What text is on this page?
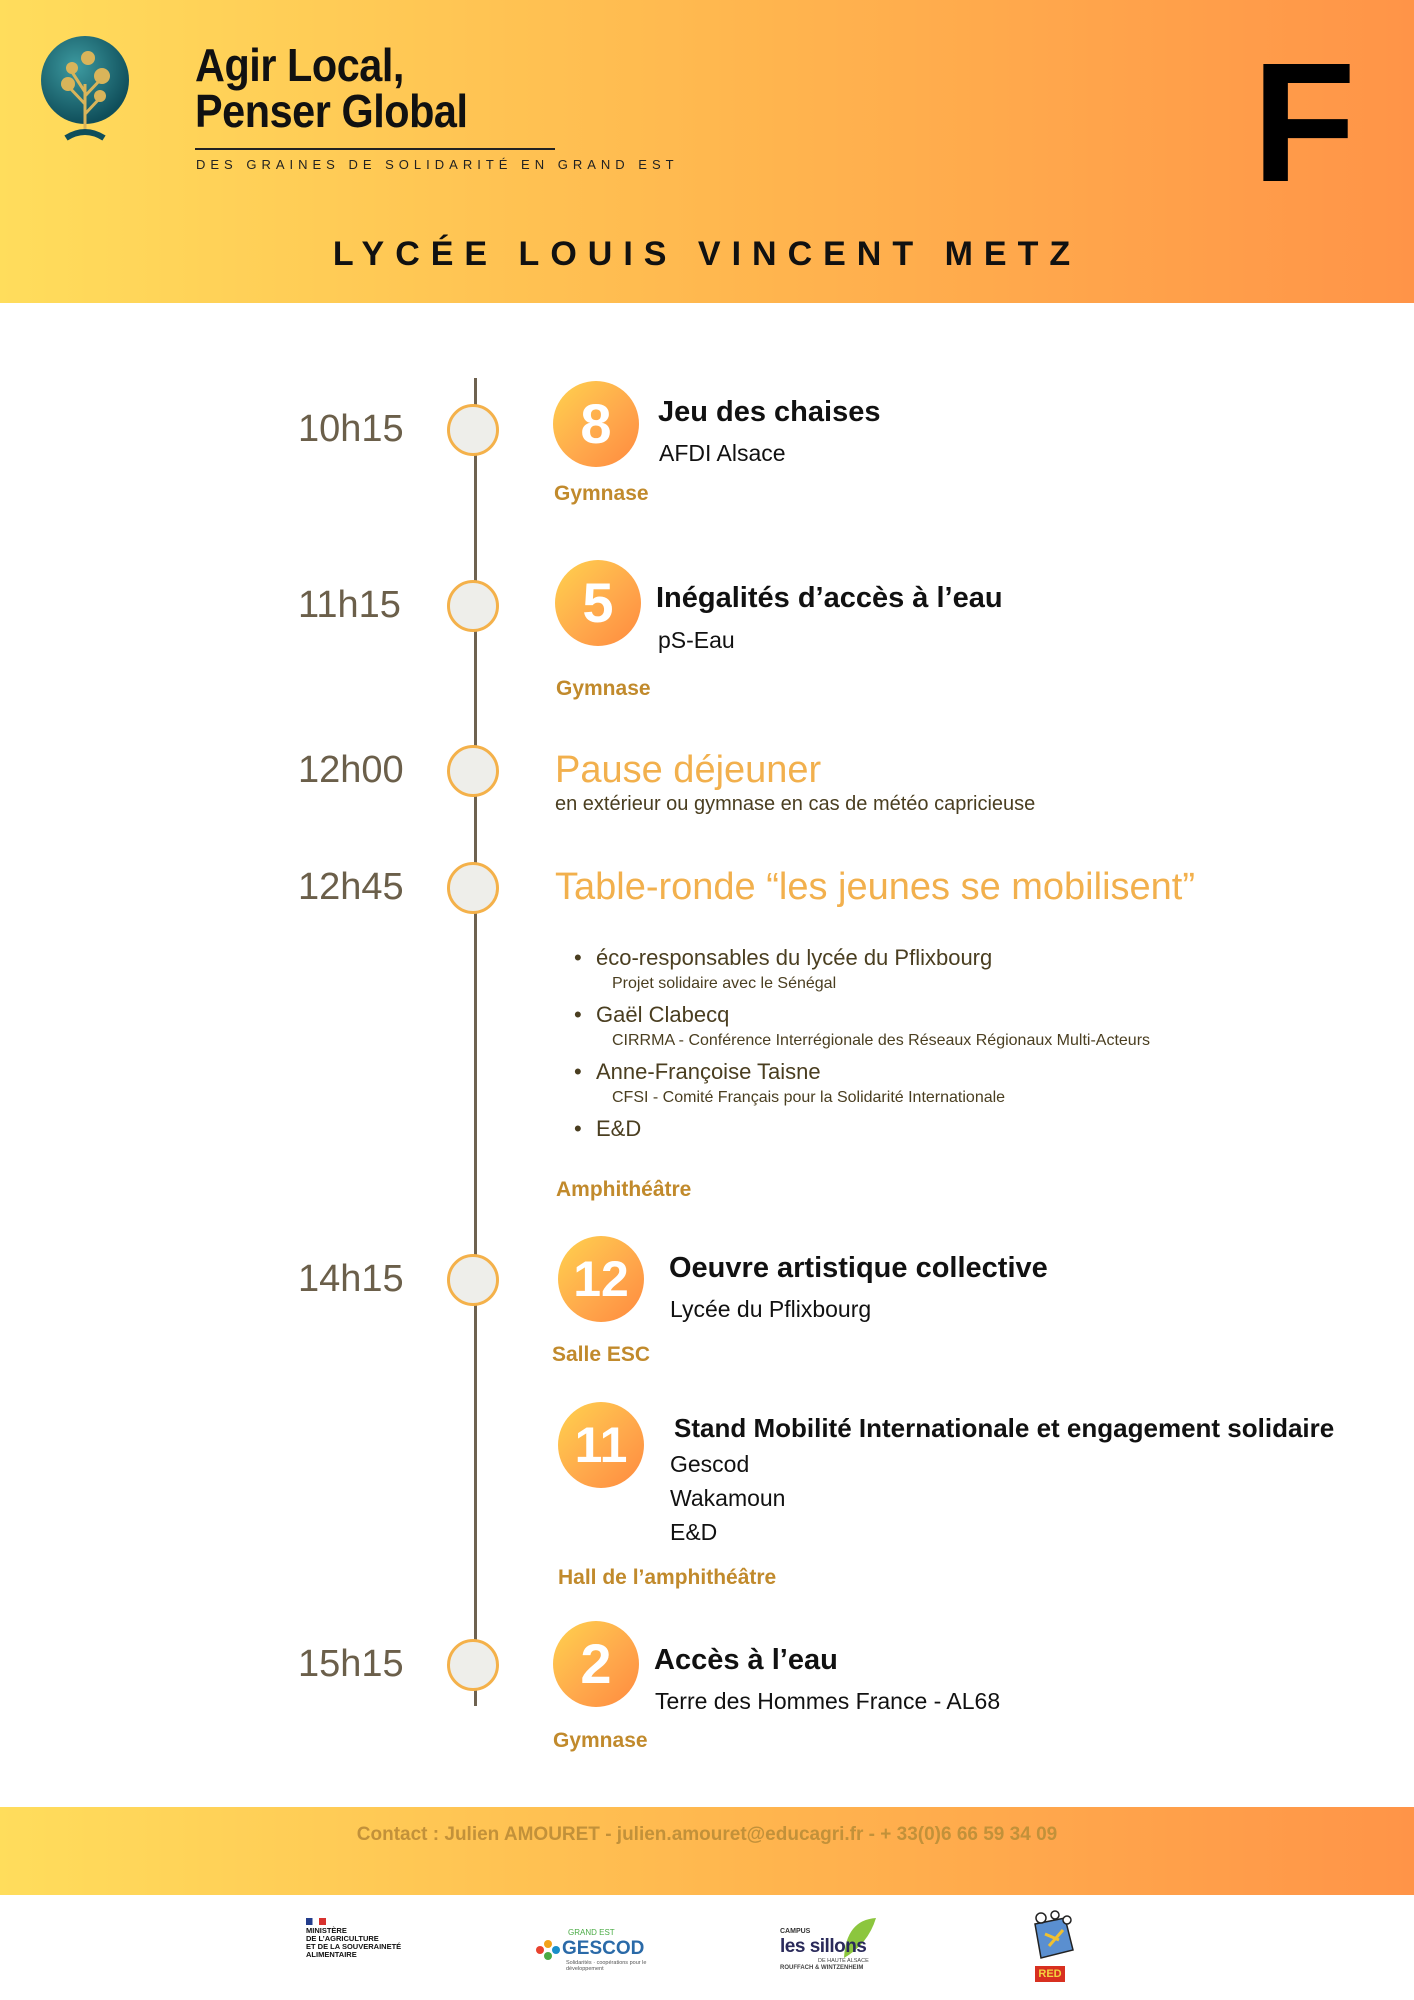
Agir Local,
Penser Global
DES GRAINES DE SOLIDARITÉ EN GRAND EST	F
LYCÉE LOUIS VINCENT METZ
10h15	8	Jeu des chaises
AFDI Alsace
Gymnase
11h15	5	Inégalités d’accès à l’eau
pS-Eau
Gymnase
12h00	Pause déjeuner
en extérieur ou gymnase en cas de météo capricieuse
12h45	Table-ronde “les jeunes se mobilisent”
• éco-responsables du lycée du Pflixbourg
Projet solidaire avec le Sénégal
• Gaël Clabecq
CIRRMA - Conférence Interrégionale des Réseaux Régionaux Multi-Acteurs
• Anne-Françoise Taisne
CFSI - Comité Français pour la Solidarité Internationale
• E&D
Amphithéâtre
14h15	12	Oeuvre artistique collective
Lycée du Pflixbourg
Salle ESC
11	Stand Mobilité Internationale et engagement solidaire
Gescod
Wakamoun
E&D
Hall de l’amphithéâtre
15h15	2	Accès à l’eau
Terre des Hommes France - AL68
Gymnase
Contact : Julien AMOURET - julien.amouret@educagri.fr - + 33(0)6 66 59 34 09
MINISTÈRE
DE L’AGRICULTURE
ET DE LA SOUVERAINETÉ
ALIMENTAIRE
GRAND EST
GESCOD
Solidarités · coopérations pour le développement
CAMPUS
les sillons
DE HAUTE ALSACE
ROUFFACH & WINTZENHEIM	RED
